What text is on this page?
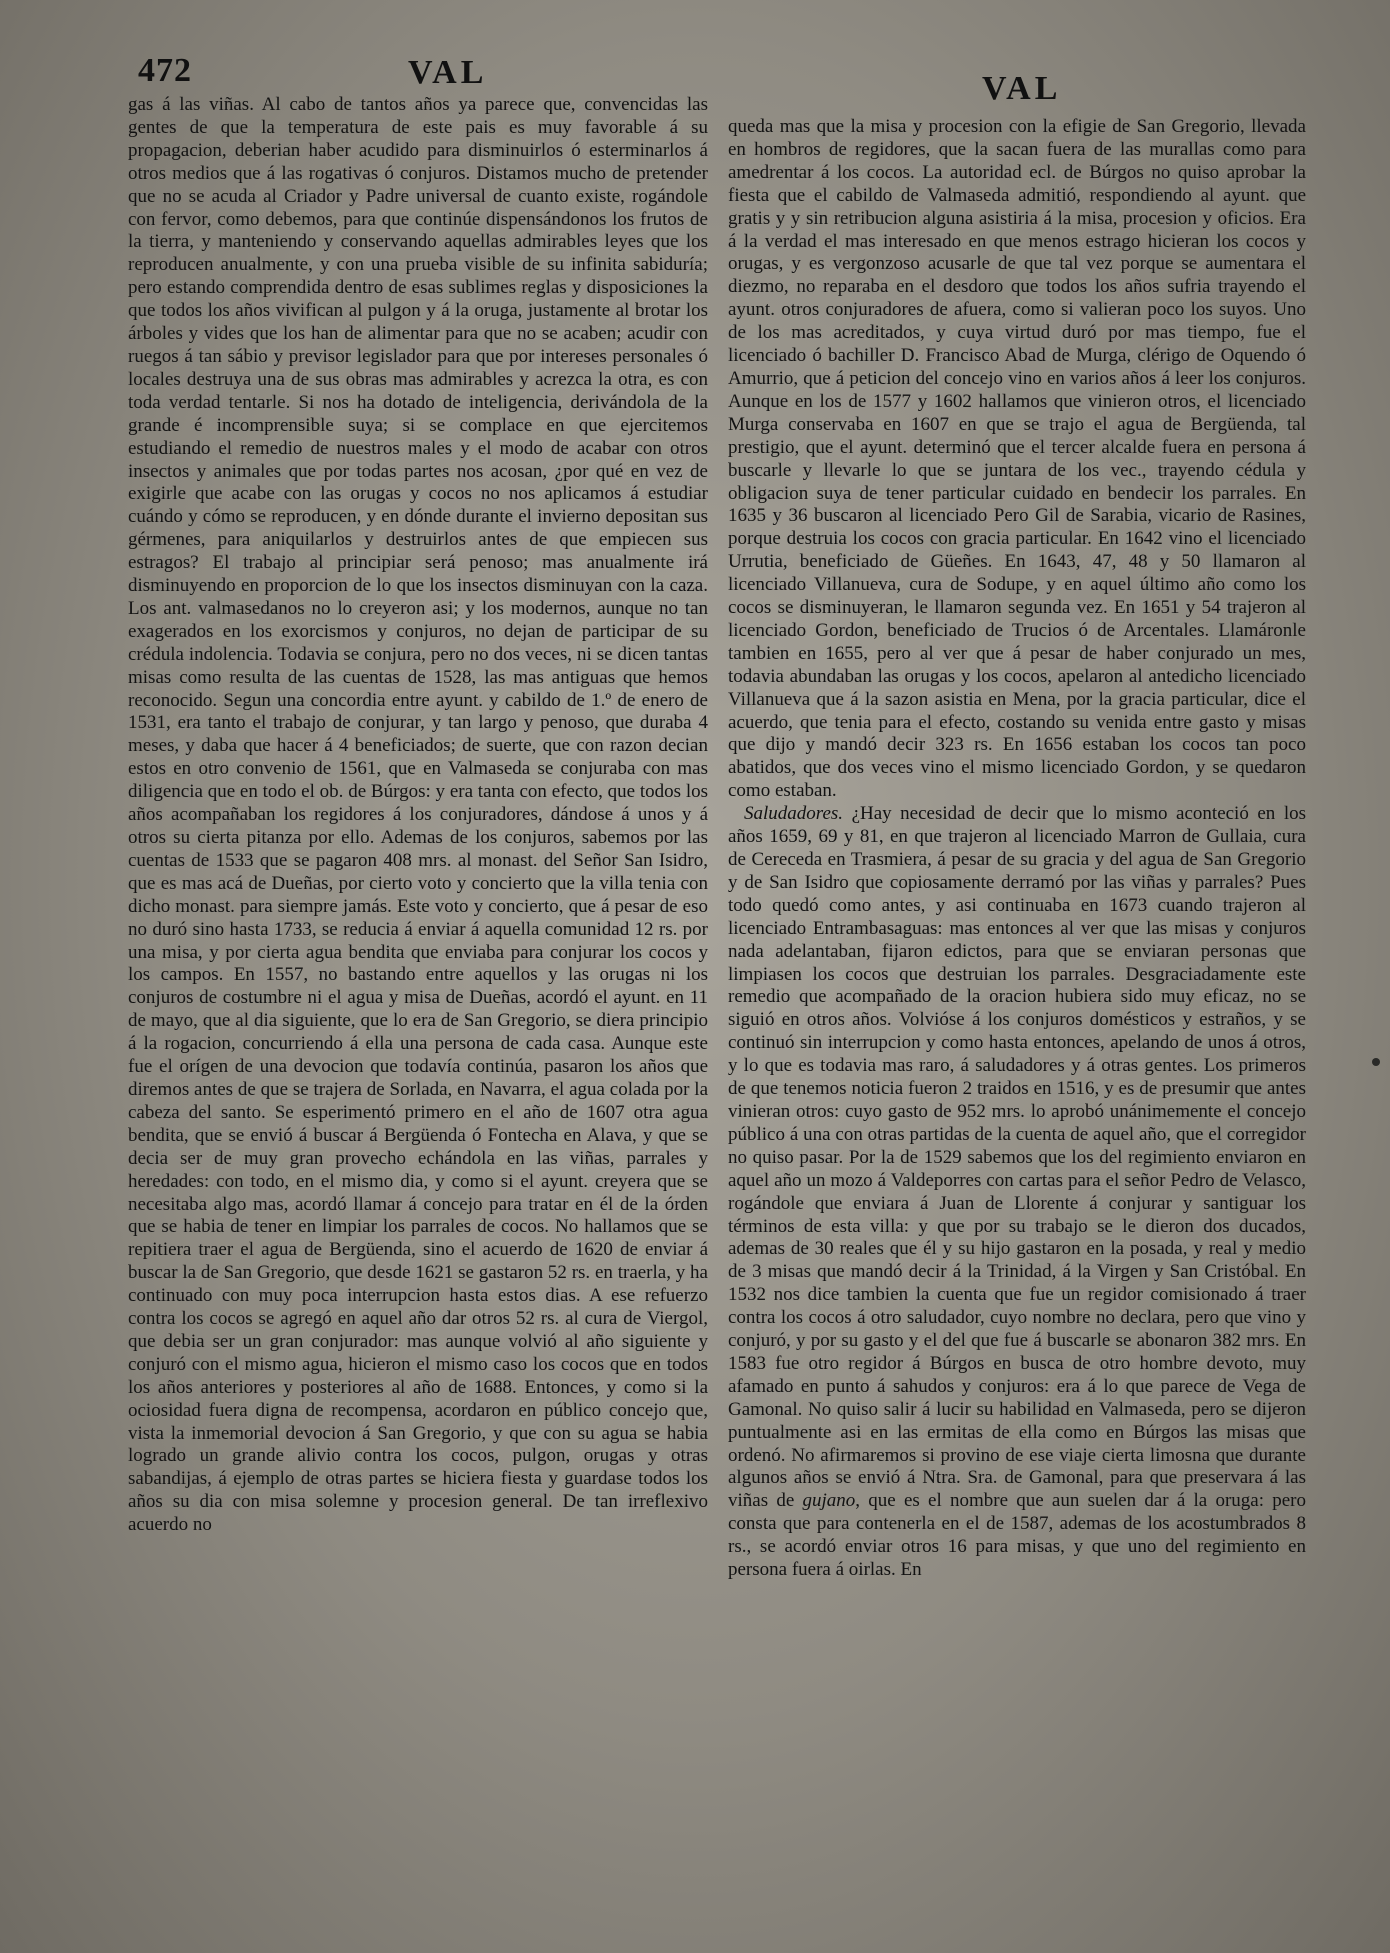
472	VAL	VAL

gas á las viñas. Al cabo de tantos años ya parece que, convencidas las gentes de que la temperatura de este pais es muy favorable á su propagacion, deberian haber acudido para disminuirlos ó esterminarlos á otros medios que á las rogativas ó conjuros. Distamos mucho de pretender que no se acuda al Criador y Padre universal de cuanto existe, rogándole con fervor, como debemos, para que continúe dispensándonos los frutos de la tierra, y manteniendo y conservando aquellas admirables leyes que los reproducen anualmente, y con una prueba visible de su infinita sabiduría; pero estando comprendida dentro de esas sublimes reglas y disposiciones la que todos los años vivifican al pulgon y á la oruga, justamente al brotar los árboles y vides que los han de alimentar para que no se acaben; acudir con ruegos á tan sábio y previsor legislador para que por intereses personales ó locales destruya una de sus obras mas admirables y acrezca la otra, es con toda verdad tentarle. Si nos ha dotado de inteligencia, derivándola de la grande é incomprensible suya; si se complace en que ejercitemos estudiando el remedio de nuestros males y el modo de acabar con otros insectos y animales que por todas partes nos acosan, ¿por qué en vez de exigirle que acabe con las orugas y cocos no nos aplicamos á estudiar cuándo y cómo se reproducen, y en dónde durante el invierno depositan sus gérmenes, para aniquilarlos y destruirlos antes de que empiecen sus estragos? El trabajo al principiar será penoso; mas anualmente irá disminuyendo en proporcion de lo que los insectos disminuyan con la caza. Los ant. valmasedanos no lo creyeron asi; y los modernos, aunque no tan exagerados en los exorcismos y conjuros, no dejan de participar de su crédula indolencia. Todavia se conjura, pero no dos veces, ni se dicen tantas misas como resulta de las cuentas de 1528, las mas antiguas que hemos reconocido. Segun una concordia entre ayunt. y cabildo de 1.º de enero de 1531, era tanto el trabajo de conjurar, y tan largo y penoso, que duraba 4 meses, y daba que hacer á 4 beneficiados; de suerte, que con razon decian estos en otro convenio de 1561, que en Valmaseda se conjuraba con mas diligencia que en todo el ob. de Búrgos: y era tanta con efecto, que todos los años acompañaban los regidores á los conjuradores, dándose á unos y á otros su cierta pitanza por ello. Ademas de los conjuros, sabemos por las cuentas de 1533 que se pagaron 408 mrs. al monast. del Señor San Isidro, que es mas acá de Dueñas, por cierto voto y concierto que la villa tenia con dicho monast. para siempre jamás. Este voto y concierto, que á pesar de eso no duró sino hasta 1733, se reducia á enviar á aquella comunidad 12 rs. por una misa, y por cierta agua bendita que enviaba para conjurar los cocos y los campos. En 1557, no bastando entre aquellos y las orugas ni los conjuros de costumbre ni el agua y misa de Dueñas, acordó el ayunt. en 11 de mayo, que al dia siguiente, que lo era de San Gregorio, se diera principio á la rogacion, concurriendo á ella una persona de cada casa. Aunque este fue el orígen de una devocion que todavía continúa, pasaron los años que diremos antes de que se trajera de Sorlada, en Navarra, el agua colada por la cabeza del santo. Se esperimentó primero en el año de 1607 otra agua bendita, que se envió á buscar á Bergüenda ó Fontecha en Alava, y que se decia ser de muy gran provecho echándola en las viñas, parrales y heredades: con todo, en el mismo dia, y como si el ayunt. creyera que se necesitaba algo mas, acordó llamar á concejo para tratar en él de la órden que se habia de tener en limpiar los parrales de cocos. No hallamos que se repitiera traer el agua de Bergüenda, sino el acuerdo de 1620 de enviar á buscar la de San Gregorio, que desde 1621 se gastaron 52 rs. en traerla, y ha continuado con muy poca interrupcion hasta estos dias. A ese refuerzo contra los cocos se agregó en aquel año dar otros 52 rs. al cura de Viergol, que debia ser un gran conjurador: mas aunque volvió al año siguiente y conjuró con el mismo agua, hicieron el mismo caso los cocos que en todos los años anteriores y posteriores al año de 1688. Entonces, y como si la ociosidad fuera digna de recompensa, acordaron en público concejo que, vista la inmemorial devocion á San Gregorio, y que con su agua se habia logrado un grande alivio contra los cocos, pulgon, orugas y otras sabandijas, á ejemplo de otras partes se hiciera fiesta y guardase todos los años su dia con misa solemne y procesion general. De tan irreflexivo acuerdo no

queda mas que la misa y procesion con la efigie de San Gregorio, llevada en hombros de regidores, que la sacan fuera de las murallas como para amedrentar á los cocos. La autoridad ecl. de Búrgos no quiso aprobar la fiesta que el cabildo de Valmaseda admitió, respondiendo al ayunt. que gratis y y sin retribucion alguna asistiria á la misa, procesion y oficios. Era á la verdad el mas interesado en que menos estrago hicieran los cocos y orugas, y es vergonzoso acusarle de que tal vez porque se aumentara el diezmo, no reparaba en el desdoro que todos los años sufria trayendo el ayunt. otros conjuradores de afuera, como si valieran poco los suyos. Uno de los mas acreditados, y cuya virtud duró por mas tiempo, fue el licenciado ó bachiller D. Francisco Abad de Murga, clérigo de Oquendo ó Amurrio, que á peticion del concejo vino en varios años á leer los conjuros. Aunque en los de 1577 y 1602 hallamos que vinieron otros, el licenciado Murga conservaba en 1607 en que se trajo el agua de Bergüenda, tal prestigio, que el ayunt. determinó que el tercer alcalde fuera en persona á buscarle y llevarle lo que se juntara de los vec., trayendo cédula y obligacion suya de tener particular cuidado en bendecir los parrales. En 1635 y 36 buscaron al licenciado Pero Gil de Sarabia, vicario de Rasines, porque destruia los cocos con gracia particular. En 1642 vino el licenciado Urrutia, beneficiado de Güeñes. En 1643, 47, 48 y 50 llamaron al licenciado Villanueva, cura de Sodupe, y en aquel último año como los cocos se disminuyeran, le llamaron segunda vez. En 1651 y 54 trajeron al licenciado Gordon, beneficiado de Trucios ó de Arcentales. Llamáronle tambien en 1655, pero al ver que á pesar de haber conjurado un mes, todavia abundaban las orugas y los cocos, apelaron al antedicho licenciado Villanueva que á la sazon asistia en Mena, por la gracia particular, dice el acuerdo, que tenia para el efecto, costando su venida entre gasto y misas que dijo y mandó decir 323 rs. En 1656 estaban los cocos tan poco abatidos, que dos veces vino el mismo licenciado Gordon, y se quedaron como estaban.

Saludadores. ¿Hay necesidad de decir que lo mismo aconteció en los años 1659, 69 y 81, en que trajeron al licenciado Marron de Gullaia, cura de Cereceda en Trasmiera, á pesar de su gracia y del agua de San Gregorio y de San Isidro que copiosamente derramó por las viñas y parrales? Pues todo quedó como antes, y asi continuaba en 1673 cuando trajeron al licenciado Entrambasaguas: mas entonces al ver que las misas y conjuros nada adelantaban, fijaron edictos, para que se enviaran personas que limpiasen los cocos que destruian los parrales. Desgraciadamente este remedio que acompañado de la oracion hubiera sido muy eficaz, no se siguió en otros años. Volvióse á los conjuros domésticos y estraños, y se continuó sin interrupcion y como hasta entonces, apelando de unos á otros, y lo que es todavia mas raro, á saludadores y á otras gentes. Los primeros de que tenemos noticia fueron 2 traidos en 1516, y es de presumir que antes vinieran otros: cuyo gasto de 952 mrs. lo aprobó unánimemente el concejo público á una con otras partidas de la cuenta de aquel año, que el corregidor no quiso pasar. Por la de 1529 sabemos que los del regimiento enviaron en aquel año un mozo á Valdeporres con cartas para el señor Pedro de Velasco, rogándole que enviara á Juan de Llorente á conjurar y santiguar los términos de esta villa: y que por su trabajo se le dieron dos ducados, ademas de 30 reales que él y su hijo gastaron en la posada, y real y medio de 3 misas que mandó decir á la Trinidad, á la Virgen y San Cristóbal. En 1532 nos dice tambien la cuenta que fue un regidor comisionado á traer contra los cocos á otro saludador, cuyo nombre no declara, pero que vino y conjuró, y por su gasto y el del que fue á buscarle se abonaron 382 mrs. En 1583 fue otro regidor á Búrgos en busca de otro hombre devoto, muy afamado en punto á sahudos y conjuros: era á lo que parece de Vega de Gamonal. No quiso salir á lucir su habilidad en Valmaseda, pero se dijeron puntualmente asi en las ermitas de ella como en Búrgos las misas que ordenó. No afirmaremos si provino de ese viaje cierta limosna que durante algunos años se envió á Ntra. Sra. de Gamonal, para que preservara á las viñas de gujano, que es el nombre que aun suelen dar á la oruga: pero consta que para contenerla en el de 1587, ademas de los acostumbrados 8 rs., se acordó enviar otros 16 para misas, y que uno del regimiento en persona fuera á oirlas. En
